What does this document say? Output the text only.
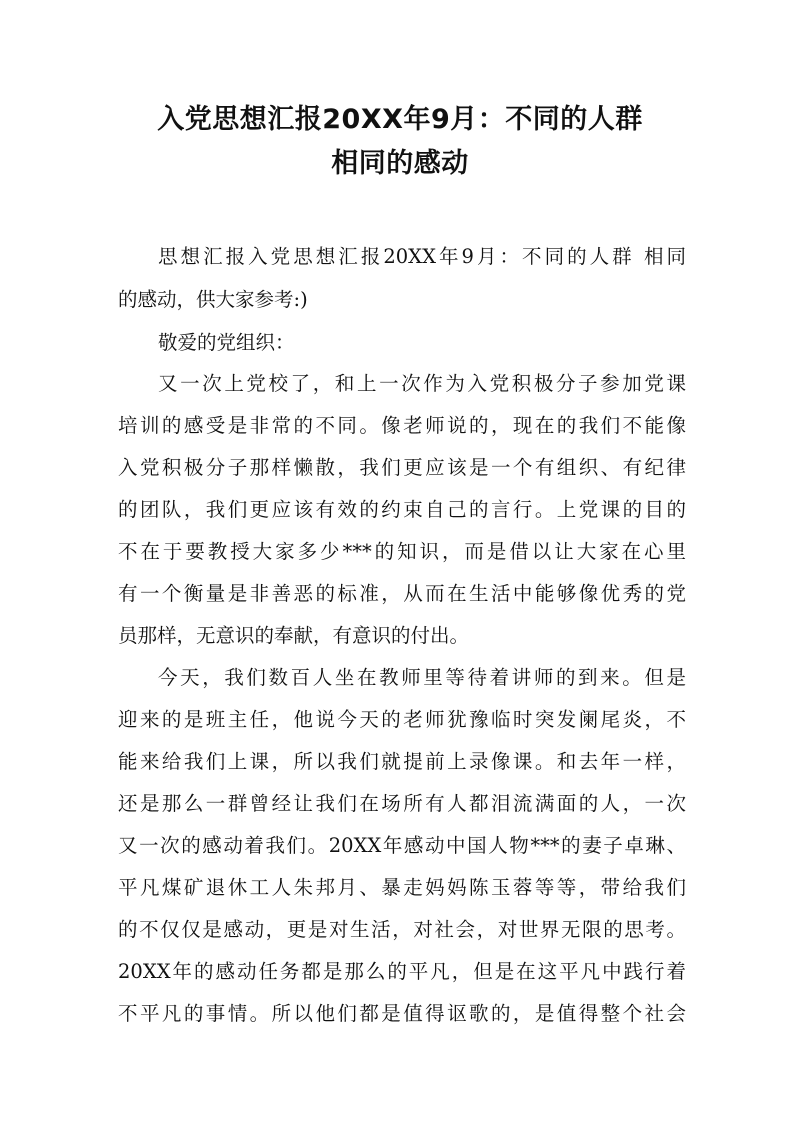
入党思想汇报20XX年9月：不同的人群
相同的感动
思想汇报入党思想汇报20XX年9月：不同的人群 相同
的感动，供大家参考:)
敬爱的党组织：
又一次上党校了，和上一次作为入党积极分子参加党课
培训的感受是非常的不同。像老师说的，现在的我们不能像
入党积极分子那样懒散，我们更应该是一个有组织、有纪律
的团队，我们更应该有效的约束自己的言行。上党课的目的
不在于要教授大家多少***的知识，而是借以让大家在心里
有一个衡量是非善恶的标准，从而在生活中能够像优秀的党
员那样，无意识的奉献，有意识的付出。
今天，我们数百人坐在教师里等待着讲师的到来。但是
迎来的是班主任，他说今天的老师犹豫临时突发阑尾炎，不
能来给我们上课，所以我们就提前上录像课。和去年一样，
还是那么一群曾经让我们在场所有人都泪流满面的人，一次
又一次的感动着我们。20XX年感动中国人物***的妻子卓琳、
平凡煤矿退休工人朱邦月、暴走妈妈陈玉蓉等等，带给我们
的不仅仅是感动，更是对生活，对社会，对世界无限的思考。
20XX年的感动任务都是那么的平凡，但是在这平凡中践行着
不平凡的事情。所以他们都是值得讴歌的，是值得整个社会
